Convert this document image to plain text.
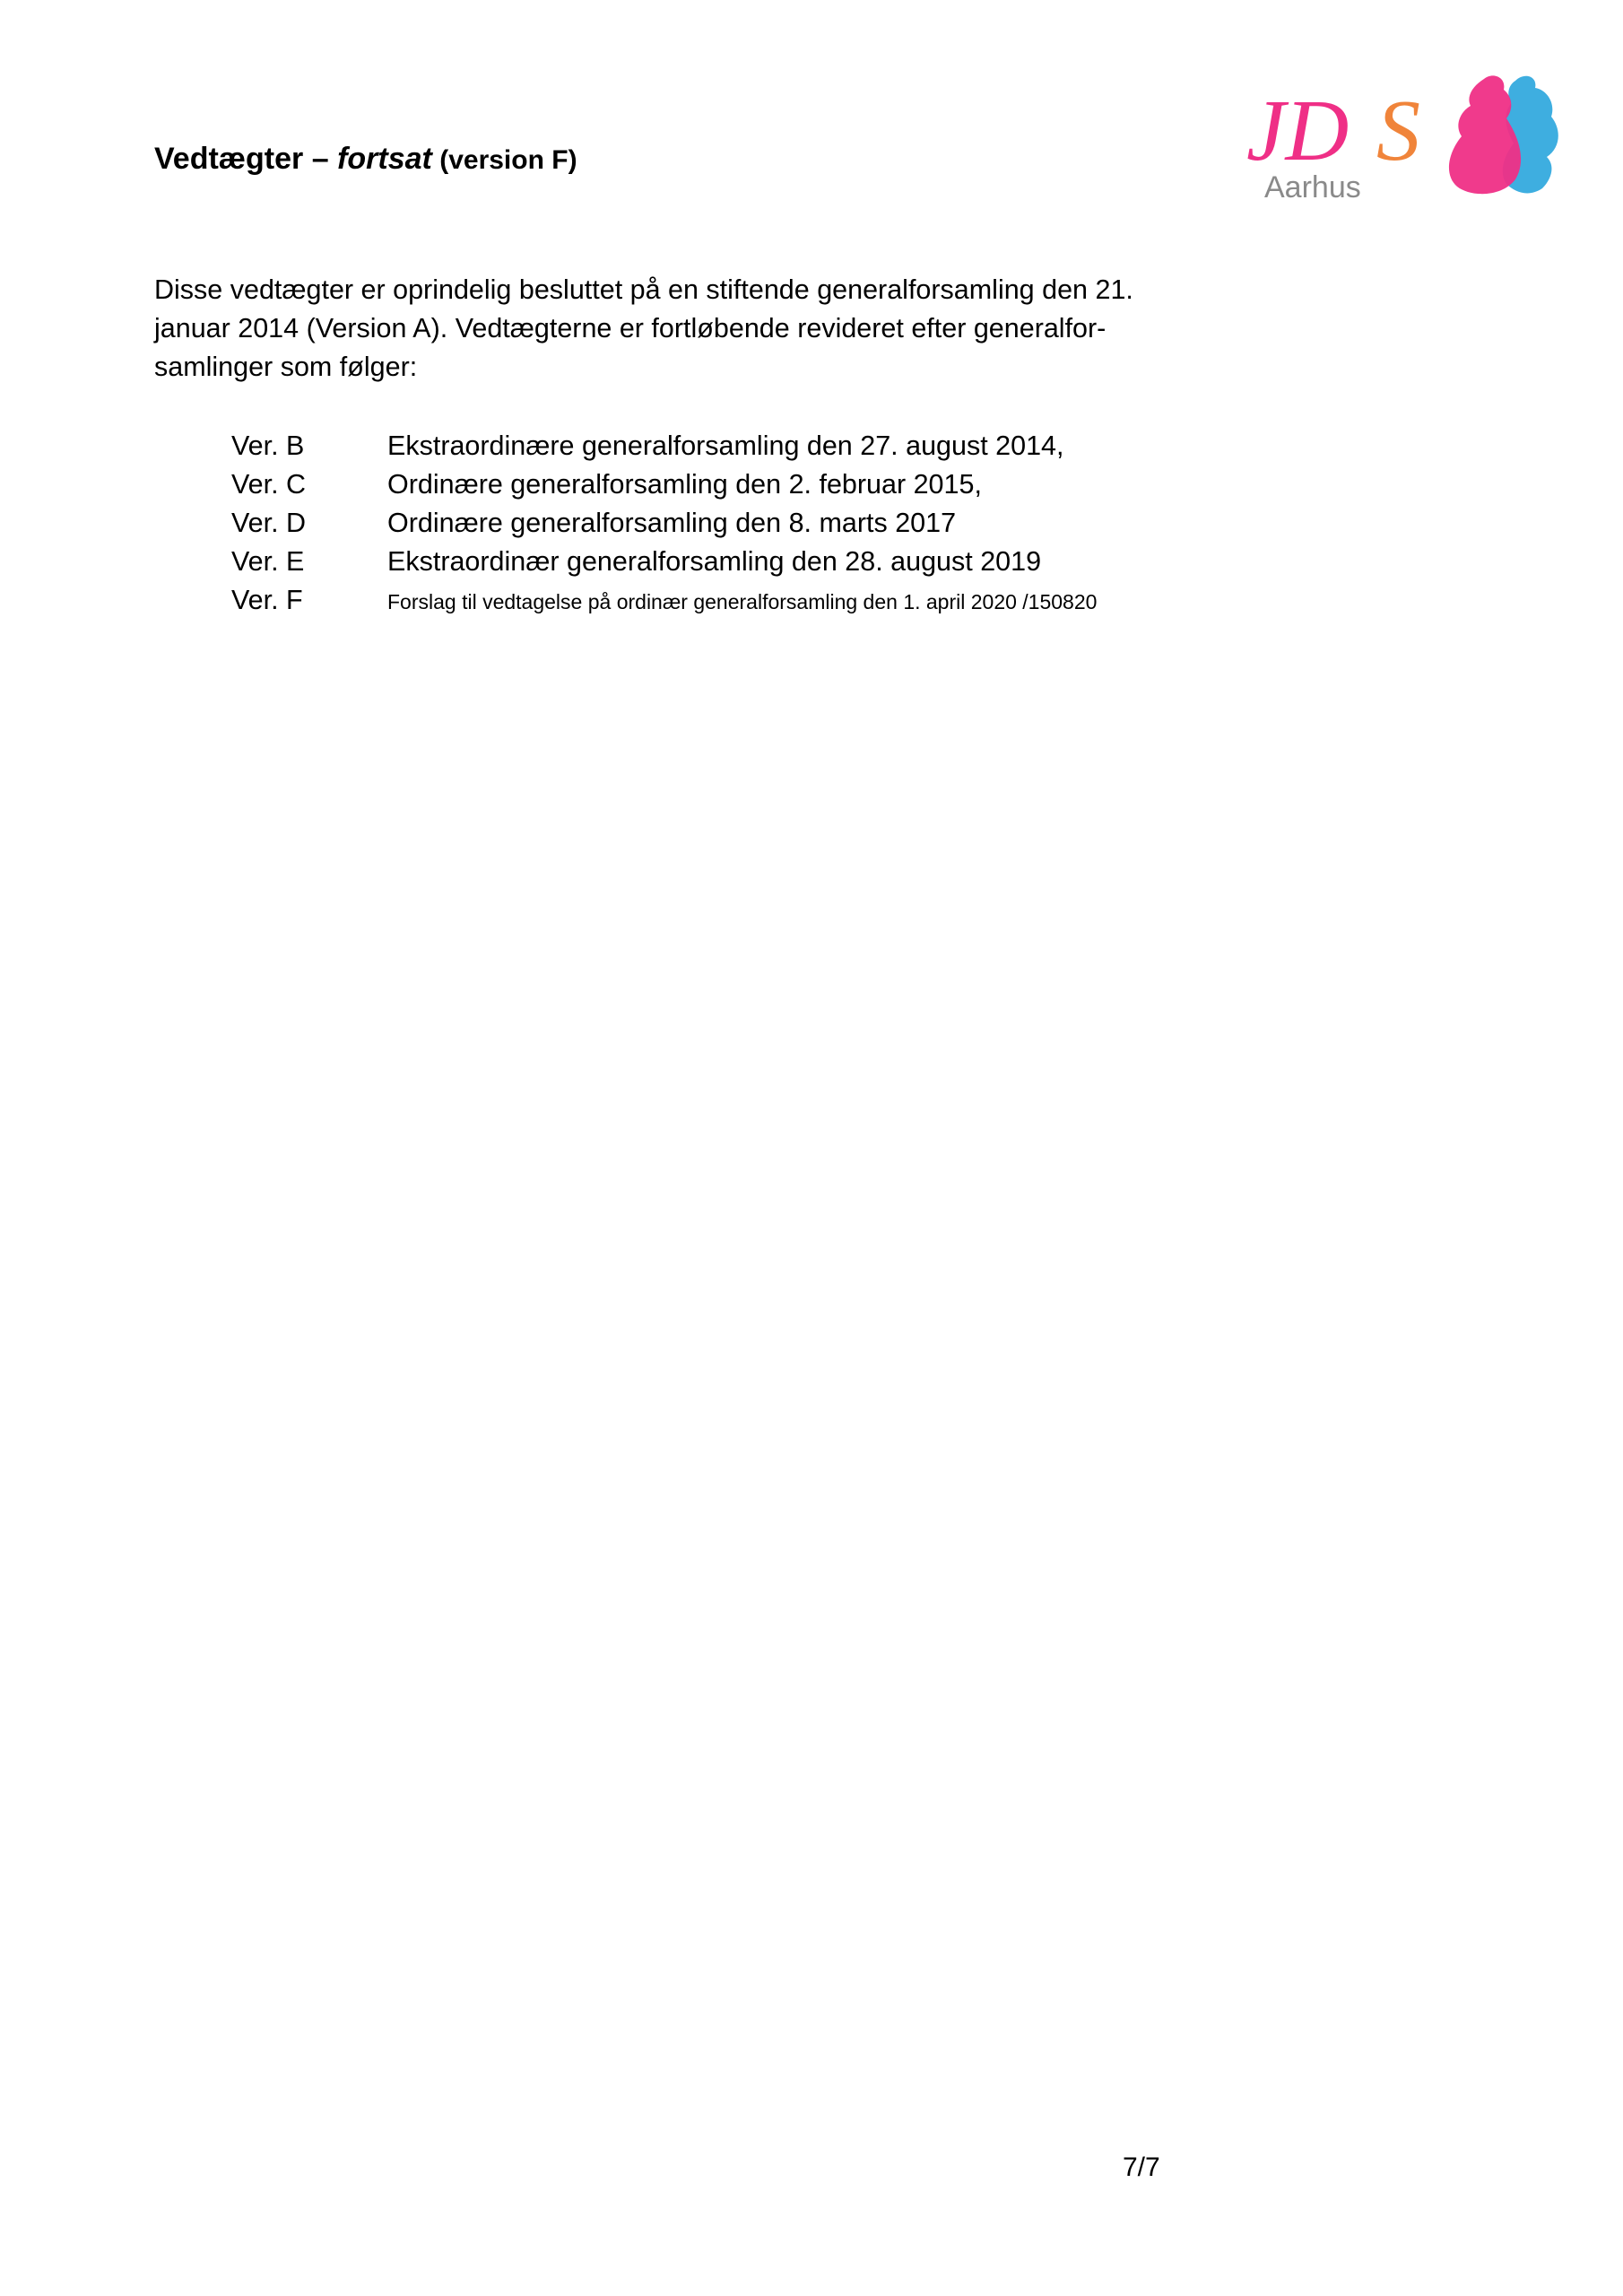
Vedtægter – fortsat (version F)	JD S
Aarhus

Disse vedtægter er oprindelig besluttet på en stiftende generalforsamling den 21.

januar 2014 (Version A). Vedtægterne er fortløbende revideret efter generalfor-

samlinger som følger:

Ver. B	Ekstraordinære generalforsamling den 27. august 2014,
Ver. C	Ordinære generalforsamling den 2. februar 2015,
Ver. D	Ordinære generalforsamling den 8. marts 2017
Ver. E	Ekstraordinær generalforsamling den 28. august 2019
Ver. F	Forslag til vedtagelse på ordinær generalforsamling den 1. april 2020 /150820
7/7
